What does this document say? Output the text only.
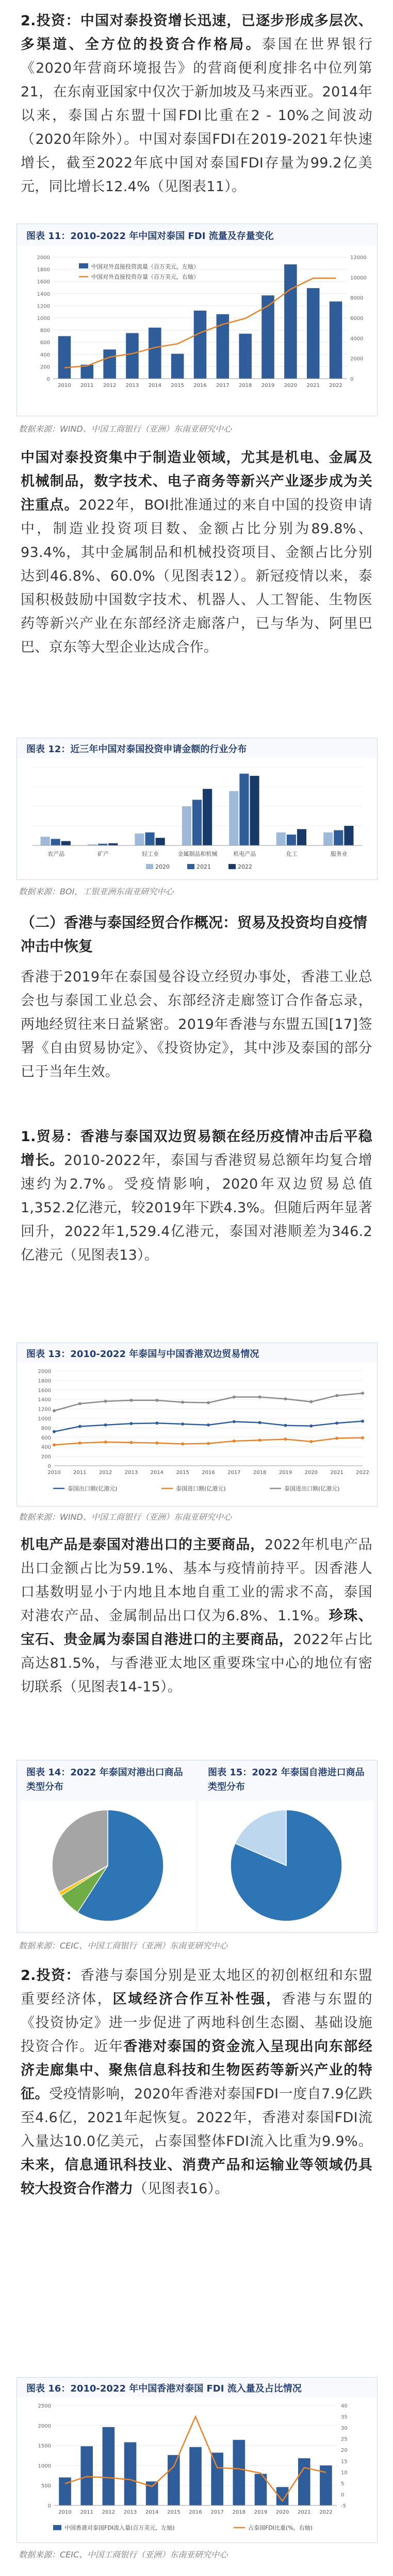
2.投资：中国对泰投资增长迅速，已逐步形成多层次、多渠道、全方位的投资合作格局。泰国在世界银行《2020年营商环境报告》的营商便利度排名中位列第21，在东南亚国家中仅次于新加坡及马来西亚。2014年以来，泰国占东盟十国FDI比重在2 - 10%之间波动（2020年除外）。中国对泰国FDI在2019-2021年快速增长，截至2022年底中国对泰国FDI存量为99.2亿美元，同比增长12.4%（见图表11）。

图表 11：2010-2022 年中国对泰国 FDI 流量及存量变化
0
200
400
600
800
1000
1200
1400
1600
1800
2000
0
2000
4000
6000
8000
10000
12000
2010 2011 2012 2013 2014 2015 2016 2017 2018 2019 2020 2021 2022
中国对外直接投资流量（百万美元，左轴）
中国对外直接投资存量（百万美元，右轴）
数据来源：WIND、中国工商银行（亚洲）东南亚研究中心

中国对泰投资集中于制造业领域，尤其是机电、金属及机械制品，数字技术、电子商务等新兴产业逐步成为关注重点。2022年，BOI批准通过的来自中国的投资申请中，制造业投资项目数、金额占比分别为89.8%、93.4%，其中金属制品和机械投资项目、金额占比分别达到46.8%、60.0%（见图表12）。新冠疫情以来，泰国积极鼓励中国数字技术、机器人、人工智能、生物医药等新兴产业在东部经济走廊落户，已与华为、阿里巴巴、京东等大型企业达成合作。

图表 12：近三年中国对泰国投资申请金额的行业分布
农产品	矿产	轻工业	金属制品和机械	机电产品	化工	服务业
2020	2021	2022
数据来源：BOI，工银亚洲东南亚研究中心

（二）香港与泰国经贸合作概况：贸易及投资均自疫情冲击中恢复

香港于2019年在泰国曼谷设立经贸办事处，香港工业总会也与泰国工业总会、东部经济走廊签订合作备忘录，两地经贸往来日益紧密。2019年香港与东盟五国[17]签署《自由贸易协定》、《投资协定》，其中涉及泰国的部分已于当年生效。

1.贸易：香港与泰国双边贸易额在经历疫情冲击后平稳增长。2010-2022年，泰国与香港贸易总额年均复合增速约为2.7%。受疫情影响，2020年双边贸易总值1,352.2亿港元，较2019年下跌4.3%。但随后两年显著回升，2022年1,529.4亿港元，泰国对港顺差为346.2亿港元（见图表13）。

图表 13：2010-2022 年泰国与中国香港双边贸易情况
0
200
400
600
800
1000
1200
1400
1600
1800
2000
2010 2011 2012 2013 2014 2015 2016 2017 2018 2019 2020 2021 2022
泰国出口额(亿港元)	泰国进口额(亿港元)	泰国进出口额(亿港元)
数据来源：WIND、中国工商银行（亚洲）东南亚研究中心

机电产品是泰国对港出口的主要商品，2022年机电产品出口金额占比为59.1%、基本与疫情前持平。因香港人口基数明显小于内地且本地自重工业的需求不高，泰国对港农产品、金属制品出口仅为6.8%、1.1%。珍珠、宝石、贵金属为泰国自港进口的主要商品，2022年占比高达81.5%，与香港亚太地区重要珠宝中心的地位有密切联系（见图表14-15）。

图表 14：2022 年泰国对港出口商品类型分布
图表 15：2022 年泰国自港进口商品类型分布
数据来源：CEIC、中国工商银行（亚洲）东南亚研究中心

2.投资：香港与泰国分别是亚太地区的初创枢纽和东盟重要经济体，区域经济合作互补性强，香港与东盟的《投资协定》进一步促进了两地科创生态圈、基础设施投资合作。近年香港对泰国的资金流入呈现出向东部经济走廊集中、聚焦信息科技和生物医药等新兴产业的特征。受疫情影响，2020年香港对泰国FDI一度自7.9亿跌至4.6亿，2021年起恢复。2022年，香港对泰国FDI流入量达10.0亿美元，占泰国整体FDI流入比重为9.9%。未来，信息通讯科技业、消费产品和运输业等领域仍具较大投资合作潜力（见图表16）。

图表 16：2010-2022 年中国香港对泰国 FDI 流入量及占比情况
0
500
1000
1500
2000
2500
-5
0
5
10
15
20
25
30
35
40
2010 2011 2012 2013 2014 2015 2016 2017 2018 2019 2020 2021 2022
中国香港对泰国FDI流入量(百万美元，左轴)	占泰国FDI比重(%，右轴)
数据来源：CEIC、中国工商银行（亚洲）东南亚研究中心
